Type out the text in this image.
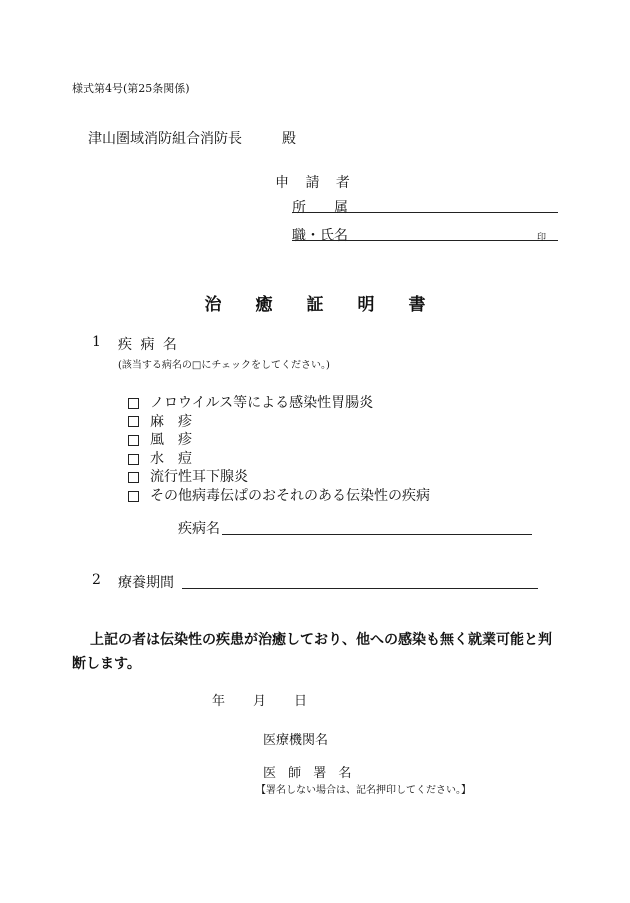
様式第4号(第25条関係)
津山圏域消防組合消防長	殿
申 請 者
所　　属
職・氏名	印
治 癒 証 明 書
1 疾 病 名
(該当する病名の□にチェックをしてください。)
ノロウイルス等による感染性胃腸炎
麻　疹
風　疹
水　痘
流行性耳下腺炎
その他病毒伝ぱのおそれのある伝染性の疾病
疾病名
2 療養期間
上記の者は伝染性の疾患が治癒しており、他への感染も無く就業可能と判断します。
年 月 日
医療機関名
医 師 署 名
【署名しない場合は、記名押印してください。】
